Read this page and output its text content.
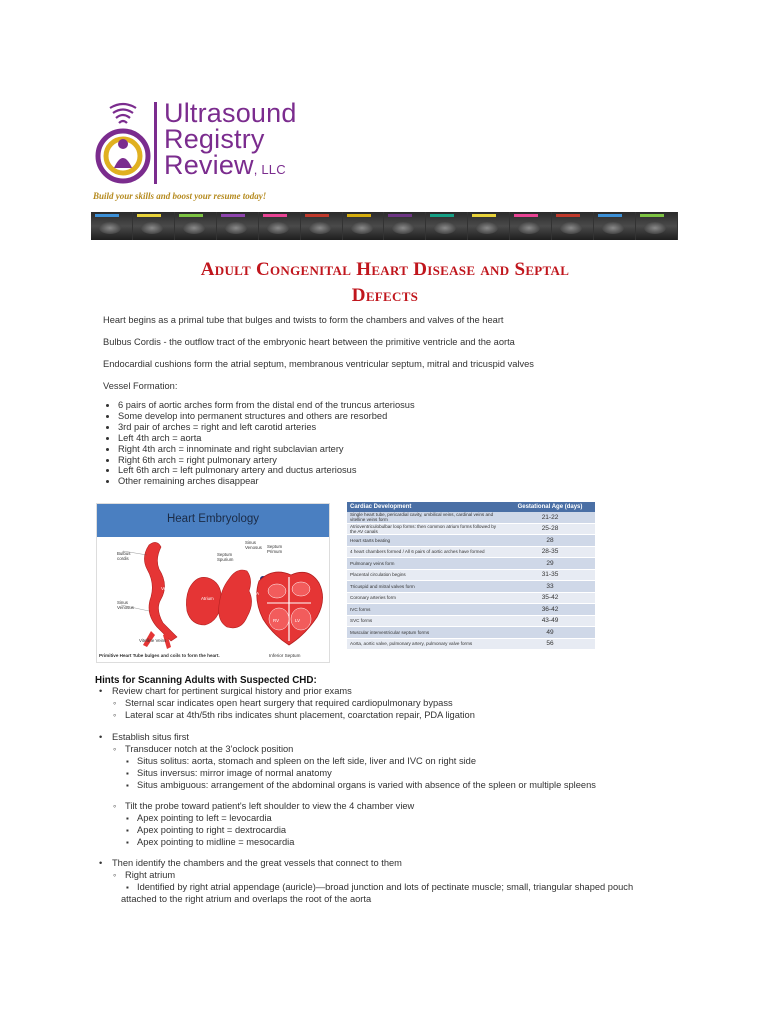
Ultrasound
Registry
Review, LLC
Build your skills and boost your resume today!
Adult Congenital Heart Disease and Septal
Defects
Heart begins as a primal tube that bulges and twists to form the chambers and valves of the heart
Bulbus Cordis - the outflow tract of the embryonic heart between the primitive ventricle and the aorta
Endocardial cushions form the atrial septum, membranous ventricular septum, mitral and tricuspid valves
Vessel Formation:
• 6 pairs of aortic arches form from the distal end of the truncus arteriosus
• Some develop into permanent structures and others are resorbed
• 3rd pair of arches = right and left carotid arteries
• Left 4th arch = aorta
• Right 4th arch = innominate and right subclavian artery
• Right 6th arch = right pulmonary artery
• Left 6th arch = left pulmonary artery and ductus arteriosus
• Other remaining arches disappear
Heart Embryology
Bulbus cordis
Sinus Venosus
Vitelline Veins
Septum Spurium
Sinus Venosus	Septum Primum
Ventricle
Atrium
RA
LV
RV
Primitive Heart Tube bulges and coils to form the heart.	Inferior Septum
Cardiac Development	Gestational Age (days)
Single heart tube, pericardial cavity, umbilical veins, cardinal veins and vitelline veins form	21-22
Atrioventriculobulbar loop forms: then common atrium forms followed by the AV canals	25-28
Heart starts beating	28
4 heart chambers formed / All 6 pairs of aortic arches have formed	28-35
Pulmonary veins form	29
Placental circulation begins	31-35
Tricuspid and mitral valves form	33
Coronary arteries form	35-42
IVC forms	36-42
SVC forms	43-49
Muscular interventricular septum forms	49
Aorta, aortic valve, pulmonary artery, pulmonary valve forms	56
Hints for Scanning Adults with Suspected CHD:
• Review chart for pertinent surgical history and prior exams
◦ Sternal scar indicates open heart surgery that required cardiopulmonary bypass
◦ Lateral scar at 4th/5th ribs indicates shunt placement, coarctation repair, PDA ligation
• Establish situs first
◦ Transducer notch at the 3'oclock position
▪ Situs solitus: aorta, stomach and spleen on the left side, liver and IVC on right side
▪ Situs inversus: mirror image of normal anatomy
▪ Situs ambiguous: arrangement of the abdominal organs is varied with absence of the spleen or multiple spleens
◦ Tilt the probe toward patient's left shoulder to view the 4 chamber view
▪ Apex pointing to left = levocardia
▪ Apex pointing to right = dextrocardia
▪ Apex pointing to midline = mesocardia
• Then identify the chambers and the great vessels that connect to them
◦ Right atrium
▪ Identified by right atrial appendage (auricle)—broad junction and lots of pectinate muscle; small, triangular shaped pouch
attached to the right atrium and overlaps the root of the aorta
